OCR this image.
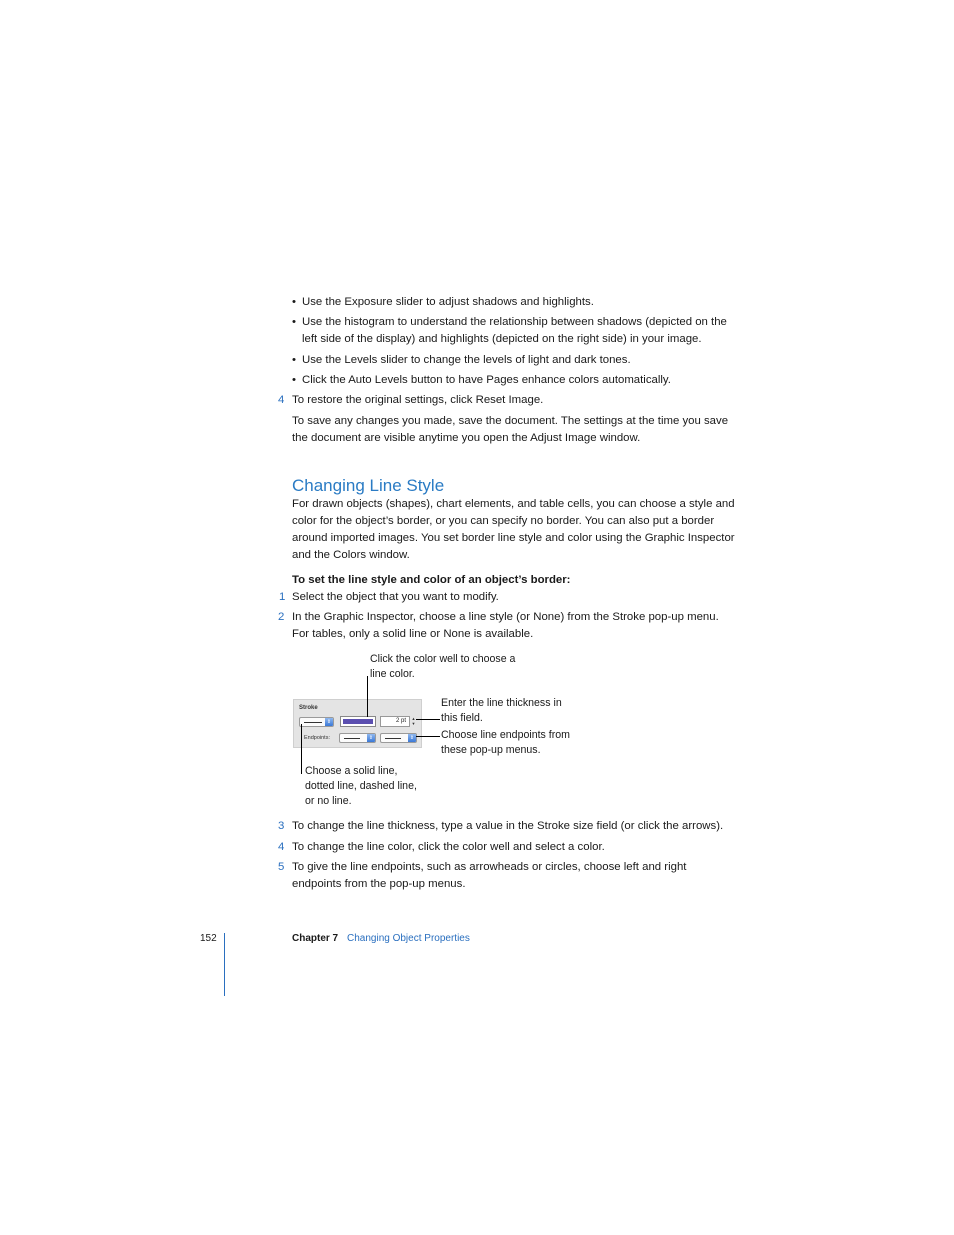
• Use the Exposure slider to adjust shadows and highlights.
• Use the histogram to understand the relationship between shadows (depicted on the left side of the display) and highlights (depicted on the right side) in your image.
• Use the Levels slider to change the levels of light and dark tones.
• Click the Auto Levels button to have Pages enhance colors automatically.
4 To restore the original settings, click Reset Image.
To save any changes you made, save the document. The settings at the time you save the document are visible anytime you open the Adjust Image window.
Changing Line Style
For drawn objects (shapes), chart elements, and table cells, you can choose a style and color for the object’s border, or you can specify no border. You can also put a border around imported images. You set border line style and color using the Graphic Inspector and the Colors window.
To set the line style and color of an object’s border:
1 Select the object that you want to modify.
2 In the Graphic Inspector, choose a line style (or None) from the Stroke pop-up menu. For tables, only a solid line or None is available.
Click the color well to choose a line color.
Enter the line thickness in this field.
Choose line endpoints from these pop-up menus.
Choose a solid line, dotted line, dashed line, or no line.
Stroke
⇕	2 pt	▲
▼
Endpoints:	⇕	⇕
3 To change the line thickness, type a value in the Stroke size field (or click the arrows).
4 To change the line color, click the color well and select a color.
5 To give the line endpoints, such as arrowheads or circles, choose left and right endpoints from the pop-up menus.
152	Chapter 7 Changing Object Properties
